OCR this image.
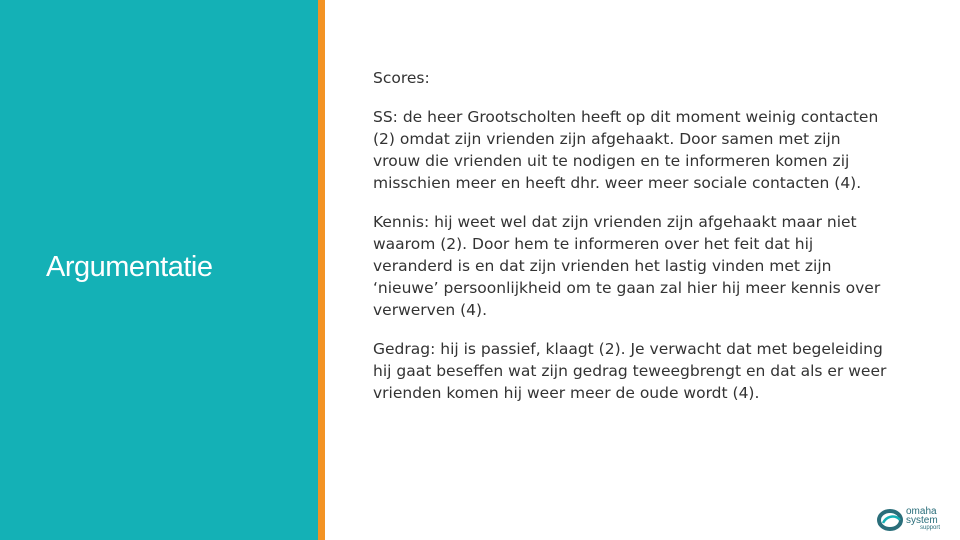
Argumentatie

Scores:

SS: de heer Grootscholten heeft op dit moment weinig contacten (2) omdat zijn vrienden zijn afgehaakt. Door samen met zijn vrouw die vrienden uit te nodigen en te informeren komen zij misschien meer en heeft dhr. weer meer sociale contacten (4).

Kennis: hij weet wel dat zijn vrienden zijn afgehaakt maar niet waarom (2). Door hem te informeren over het feit dat hij veranderd is en dat zijn vrienden het lastig vinden met zijn ‘nieuwe’ persoonlijkheid om te gaan zal hier hij meer kennis over verwerven (4).

Gedrag: hij is passief, klaagt (2). Je verwacht dat met begeleiding hij gaat beseffen wat zijn gedrag teweegbrengt en dat als er weer vrienden komen hij weer meer de oude wordt (4).

omaha
system
support
